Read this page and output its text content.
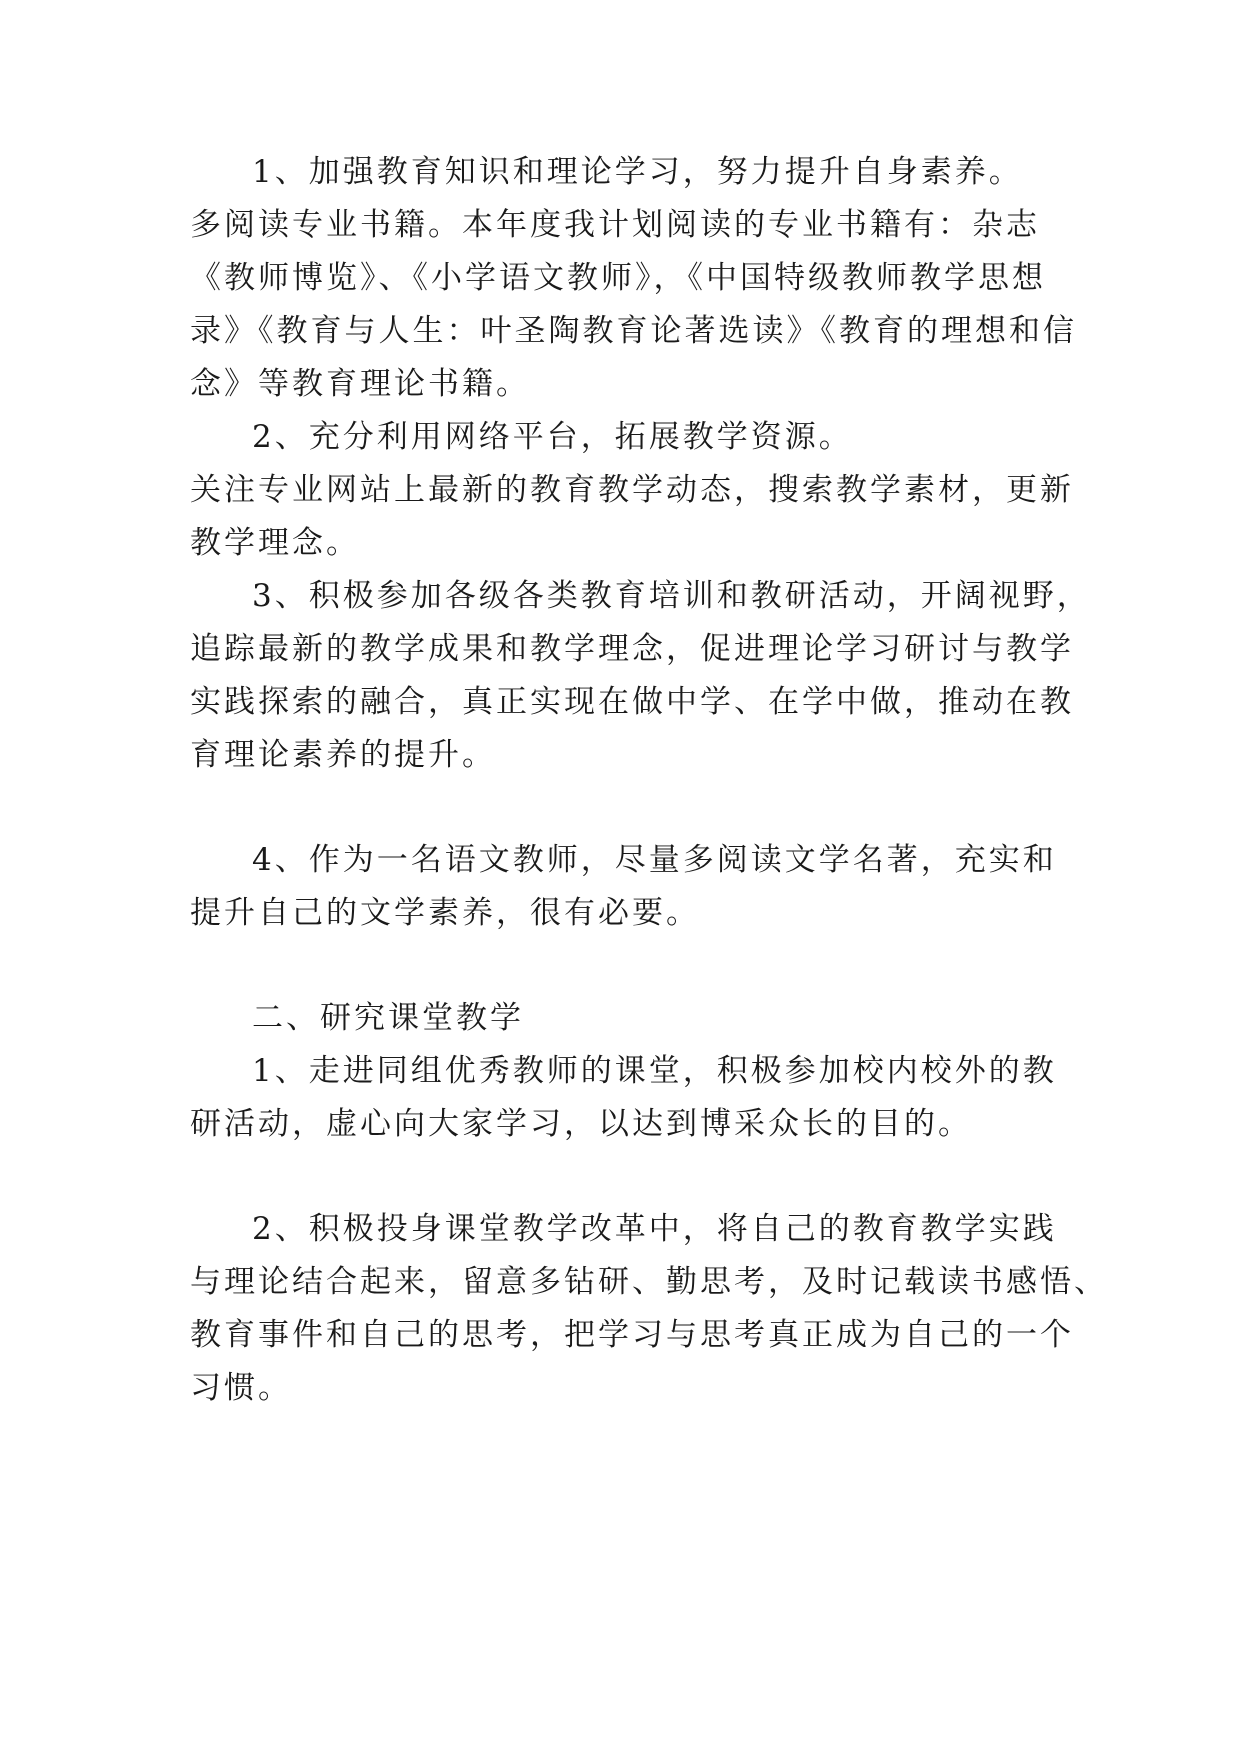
1、加强教育知识和理论学习，努力提升自身素养。
多阅读专业书籍。本年度我计划阅读的专业书籍有：杂志
《教师博览》、《小学语文教师》，《中国特级教师教学思想
录》《教育与人生：叶圣陶教育论著选读》《教育的理想和信
念》等教育理论书籍。
2、充分利用网络平台，拓展教学资源。
关注专业网站上最新的教育教学动态，搜索教学素材，更新
教学理念。
3、积极参加各级各类教育培训和教研活动，开阔视野，
追踪最新的教学成果和教学理念，促进理论学习研讨与教学
实践探索的融合，真正实现在做中学、在学中做，推动在教
育理论素养的提升。
4、作为一名语文教师，尽量多阅读文学名著，充实和
提升自己的文学素养，很有必要。
二、研究课堂教学
1、走进同组优秀教师的课堂，积极参加校内校外的教
研活动，虚心向大家学习，以达到博采众长的目的。
2、积极投身课堂教学改革中，将自己的教育教学实践
与理论结合起来，留意多钻研、勤思考，及时记载读书感悟、
教育事件和自己的思考，把学习与思考真正成为自己的一个
习惯。
